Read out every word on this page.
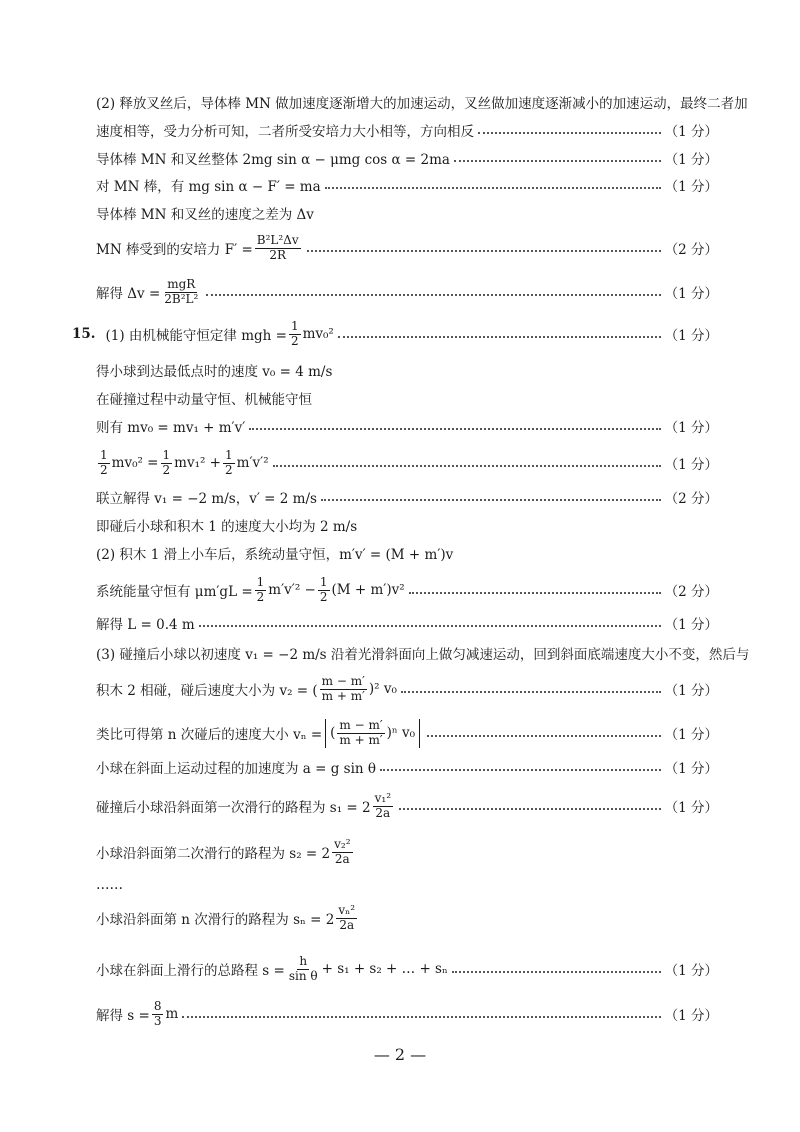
(2) 释放叉丝后，导体棒 MN 做加速度逐渐增大的加速运动，叉丝做加速度逐渐减小的加速运动，最终二者加
速度相等，受力分析可知，二者所受安培力大小相等，方向相反	（1 分）
导体棒 MN 和叉丝整体 2mg sin α − μmg cos α = 2ma	（1 分）
对 MN 棒，有 mg sin α − F′ = ma	（1 分）
导体棒 MN 和叉丝的速度之差为 Δv
MN 棒受到的安培力 $F' = \frac{\text{B²L²Δv}}{2R}$	（2 分）
解得 $\Delta v = \frac{\text{mgR}}{\text{2B²L²}}$	（1 分）
15. (1) 由机械能守恒定律 mgh = $\frac{1}{2} mv_0^2$	（1 分）
得小球到达最低点时的速度 v₀ = 4 m/s
在碰撞过程中动量守恒、机械能守恒
则有 mv₀ = mv₁ + m′v′	（1 分）
$\frac{1}{2} mv_0^2 = \frac{1}{2} mv_1^2 + \frac{1}{2} m'v'^2$	（1 分）
联立解得 v₁ = −2 m/s，v′ = 2 m/s	（2 分）
即碰后小球和积木 1 的速度大小均为 2 m/s
(2) 积木 1 滑上小车后，系统动量守恒，m′v′ = (M + m′)v
系统能量守恒有 $\mu m'gL = \frac{1}{2} m'v'^2 - \frac{1}{2} (M + m')v^2$	（2 分）
解得 L = 0.4 m	（1 分）
(3) 碰撞后小球以初速度 v₁ = −2 m/s 沿着光滑斜面向上做匀减速运动，回到斜面底端速度大小不变，然后与
积木 2 相碰，碰后速度大小为 v₂ = ( $\frac{m - m'}{m + m'} )^2$ v₀	（1 分）
类比可得第 n 次碰后的速度大小 vₙ = ( $\frac{m - m'}{m + m'} )^n$ v₀	（1 分）
小球在斜面上运动过程的加速度为 a = g sin θ	（1 分）
碰撞后小球沿斜面第一次滑行的路程为 $s_1 = 2 \frac{\text{v₁²}}{2a}$	（1 分）
小球沿斜面第二次滑行的路程为 $s_2 = 2 \frac{\text{v₂²}}{2a}$
……
小球沿斜面第 n 次滑行的路程为 $s_n = 2 \frac{\text{vₙ²}}{2a}$
小球在斜面上滑行的总路程 $s = \frac{h}{\text{sin θ}} + s_1 + s_2$ + … + sₙ	（1 分）
解得 $s = \frac{8}{3}$ m	（1 分）
— 2 —
